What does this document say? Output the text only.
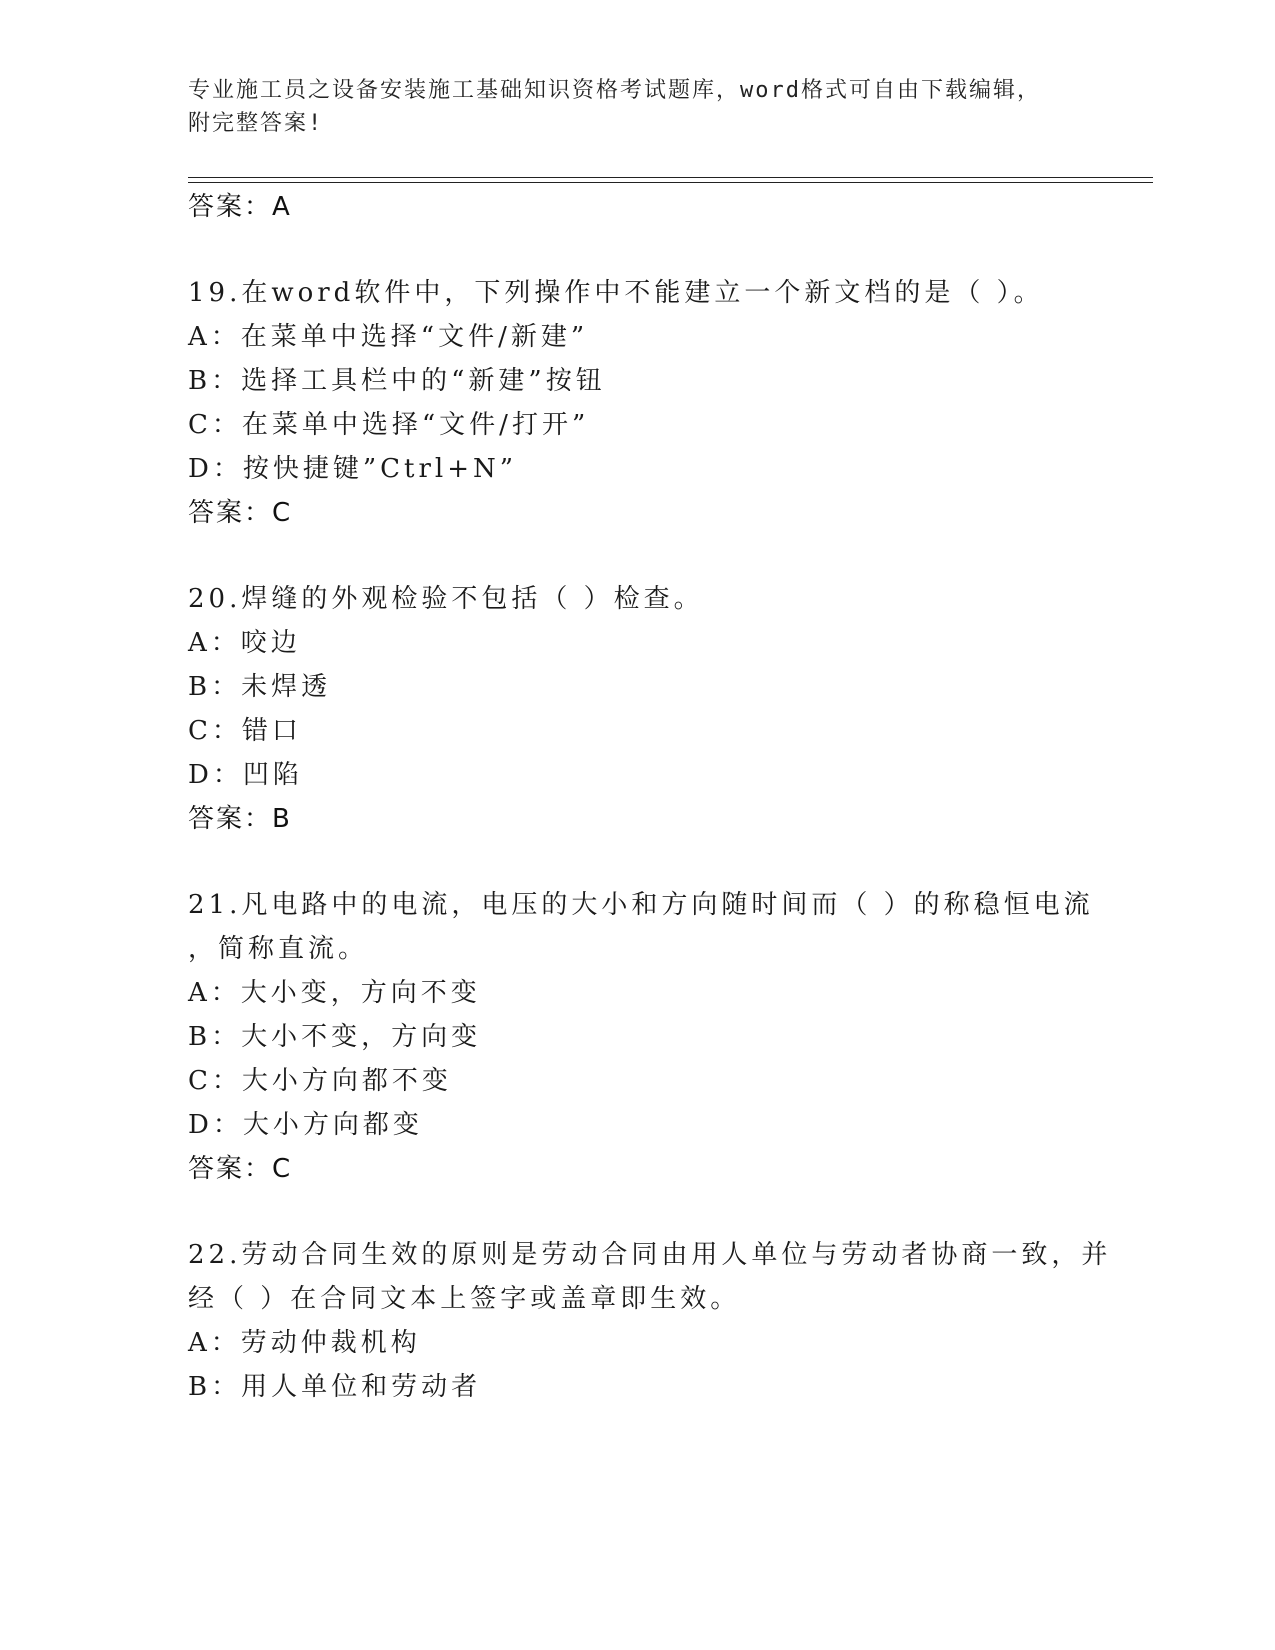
专业施工员之设备安装施工基础知识资格考试题库，word格式可自由下载编辑，
附完整答案!
答案：A
19.在word软件中，下列操作中不能建立一个新文档的是（ ）。
A：在菜单中选择“文件/新建”
B：选择工具栏中的“新建”按钮
C：在菜单中选择“文件/打开”
D：按快捷键”Ctrl+N”
答案：C
20.焊缝的外观检验不包括（ ）检查。
A：咬边
B：未焊透
C：错口
D：凹陷
答案：B
21.凡电路中的电流，电压的大小和方向随时间而（ ）的称稳恒电流
，简称直流。
A：大小变，方向不变
B：大小不变，方向变
C：大小方向都不变
D：大小方向都变
答案：C
22.劳动合同生效的原则是劳动合同由用人单位与劳动者协商一致，并
经（ ）在合同文本上签字或盖章即生效。
A：劳动仲裁机构
B：用人单位和劳动者
